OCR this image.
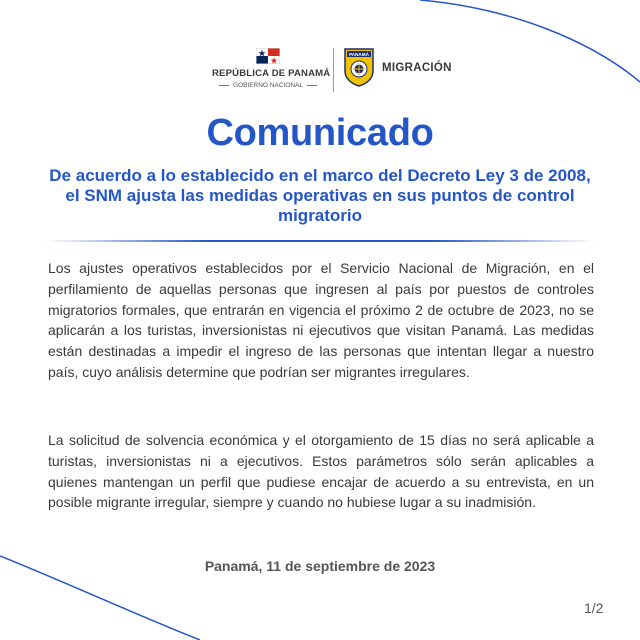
REPÚBLICA DE PANAMÁ
GOBIERNO NACIONAL
PANAMÁ
MIGRACIÓN
Comunicado
De acuerdo a lo establecido en el marco del Decreto Ley 3 de 2008, el SNM ajusta las medidas operativas en sus puntos de control migratorio
Los ajustes operativos establecidos por el Servicio Nacional de Migración, en el perfilamiento de aquellas personas que ingresen al país por puestos de controles migratorios formales, que entrarán en vigencia el próximo 2 de octubre de 2023, no se aplicarán a los turistas, inversionistas ni ejecutivos que visitan Panamá. Las medidas están destinadas a impedir el ingreso de las personas que intentan llegar a nuestro país, cuyo análisis determine que podrían ser migrantes irregulares.
La solicitud de solvencia económica y el otorgamiento de 15 días no será aplicable a turistas, inversionistas ni a ejecutivos. Estos parámetros sólo serán aplicables a quienes mantengan un perfil que pudiese encajar de acuerdo a su entrevista, en un posible migrante irregular, siempre y cuando no hubiese lugar a su inadmisión.
Panamá, 11 de septiembre de 2023
1/2
